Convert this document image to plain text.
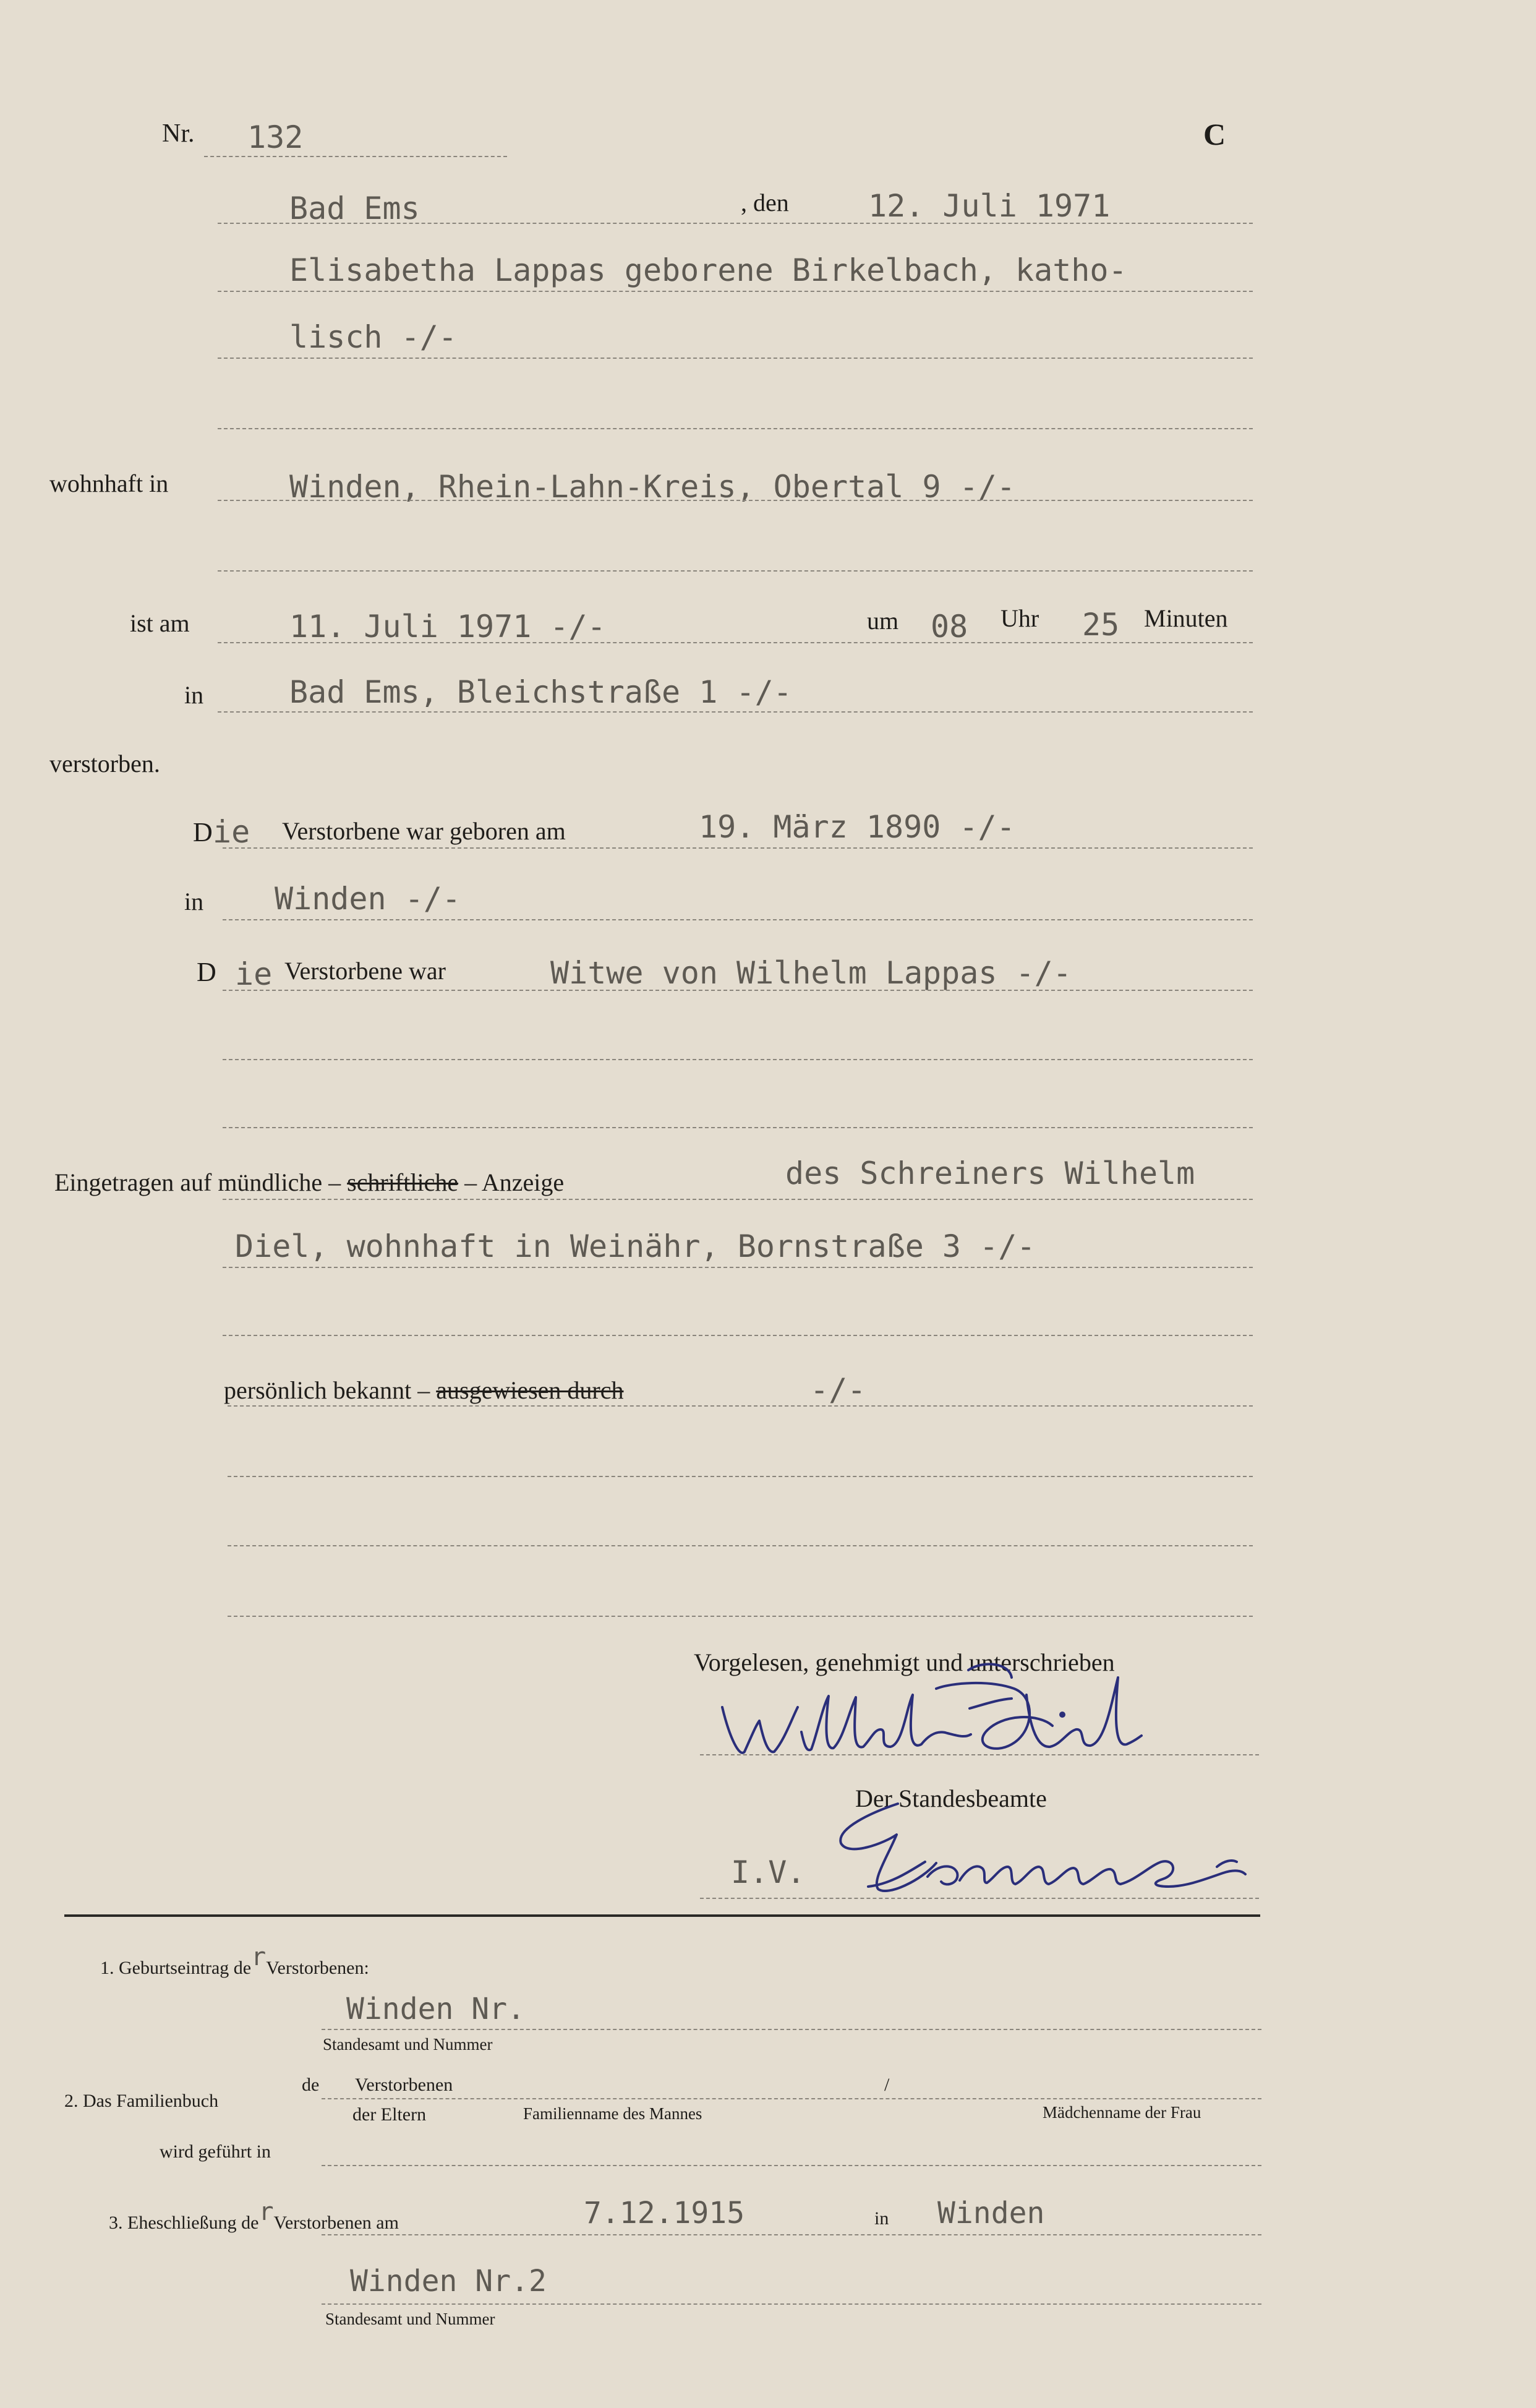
Nr. 132	C
Bad Ems	, den	12. Juli 1971
Elisabetha Lappas geborene Birkelbach, katho-
lisch -/-
wohnhaft in	Winden, Rhein-Lahn-Kreis, Obertal 9 -/-
ist am	11. Juli 1971 -/-	um 08 Uhr 25 Minuten
in	Bad Ems, Bleichstraße 1 -/-
verstorben.
D ie Verstorbene war geboren am	19. März 1890 -/-
in Winden -/-
D ie Verstorbene war	Witwe von Wilhelm Lappas -/-
Eingetragen auf mündliche – schriftliche – Anzeige	des Schreiners Wilhelm
Diel, wohnhaft in Weinähr, Bornstraße 3 -/-
persönlich bekannt – ausgewiesen durch	-/-
Vorgelesen, genehmigt und unterschrieben
Der Standesbeamte
I.V.
1. Geburtseintrag derVerstorbenen:
Winden Nr.
Standesamt und Nummer
2. Das Familienbuch
de Verstorbenen	/
der Eltern	Familienname des Mannes	Mädchenname der Frau
wird geführt in
3. Eheschließung derVerstorbenen am	7.12.1915	in Winden
Winden Nr.2
Standesamt und Nummer
